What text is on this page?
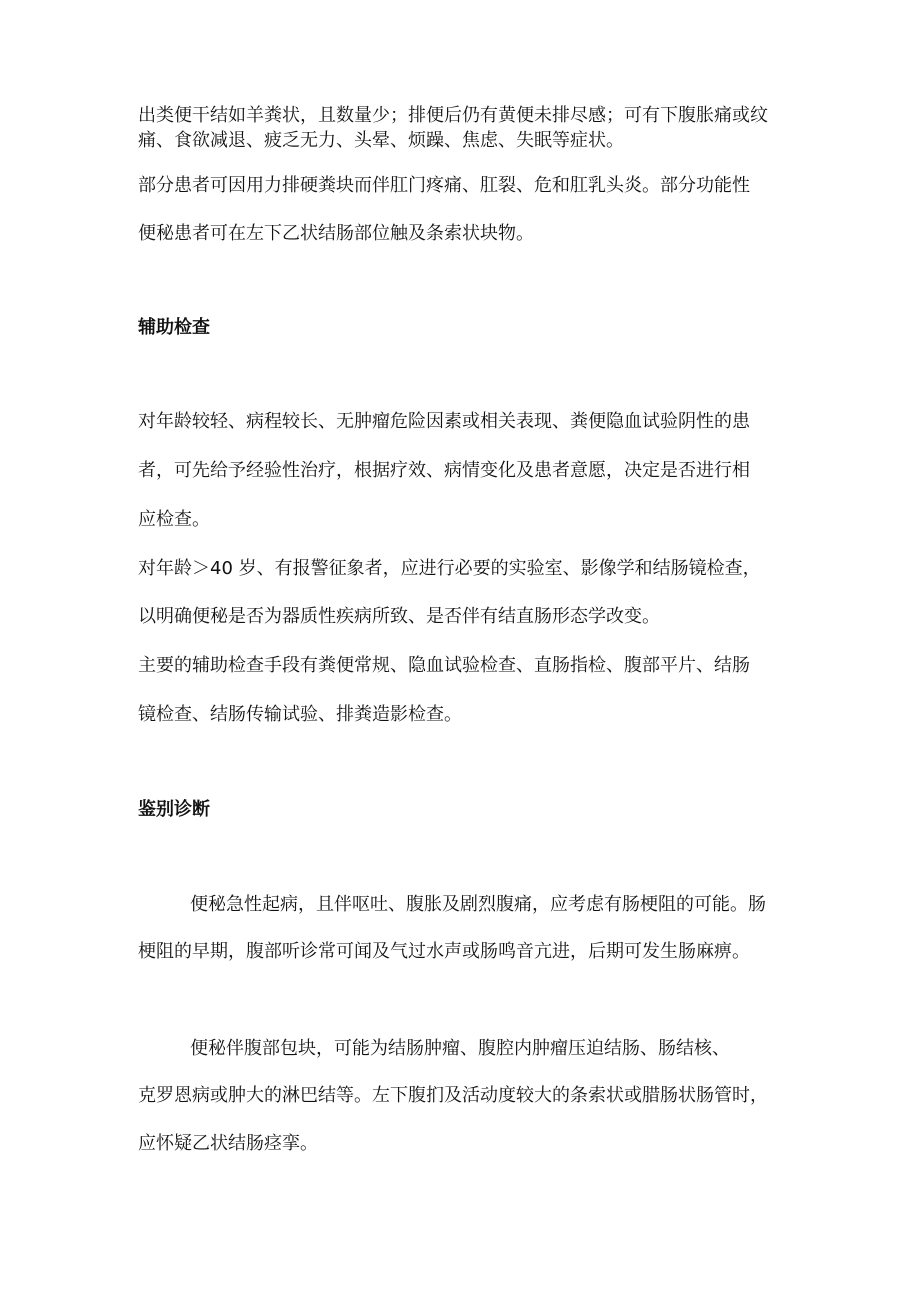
出类便干结如羊粪状，且数量少；排便后仍有黄便未排尽感；可有下腹胀痛或纹

痛、食欲减退、疲乏无力、头晕、烦躁、焦虑、失眠等症状。

部分患者可因用力排硬粪块而伴肛门疼痛、肛裂、危和肛乳头炎。部分功能性

便秘患者可在左下乙状结肠部位触及条索状块物。

辅助检查

对年龄较轻、病程较长、无肿瘤危险因素或相关表现、粪便隐血试验阴性的患

者，可先给予经验性治疗，根据疗效、病情变化及患者意愿，决定是否进行相

应检查。

对年龄＞40 岁、有报警征象者，应进行必要的实验室、影像学和结肠镜检查，

以明确便秘是否为器质性疾病所致、是否伴有结直肠形态学改变。

主要的辅助检查手段有粪便常规、隐血试验检查、直肠指检、腹部平片、结肠

镜检查、结肠传输试验、排粪造影检查。

鉴别诊断

便秘急性起病，且伴呕吐、腹胀及剧烈腹痛，应考虑有肠梗阻的可能。肠

梗阻的早期，腹部听诊常可闻及气过水声或肠鸣音亢进，后期可发生肠麻痹。

便秘伴腹部包块，可能为结肠肿瘤、腹腔内肿瘤压迫结肠、肠结核、

克罗恩病或肿大的淋巴结等。左下腹扪及活动度较大的条索状或腊肠状肠管时，

应怀疑乙状结肠痉挛。
